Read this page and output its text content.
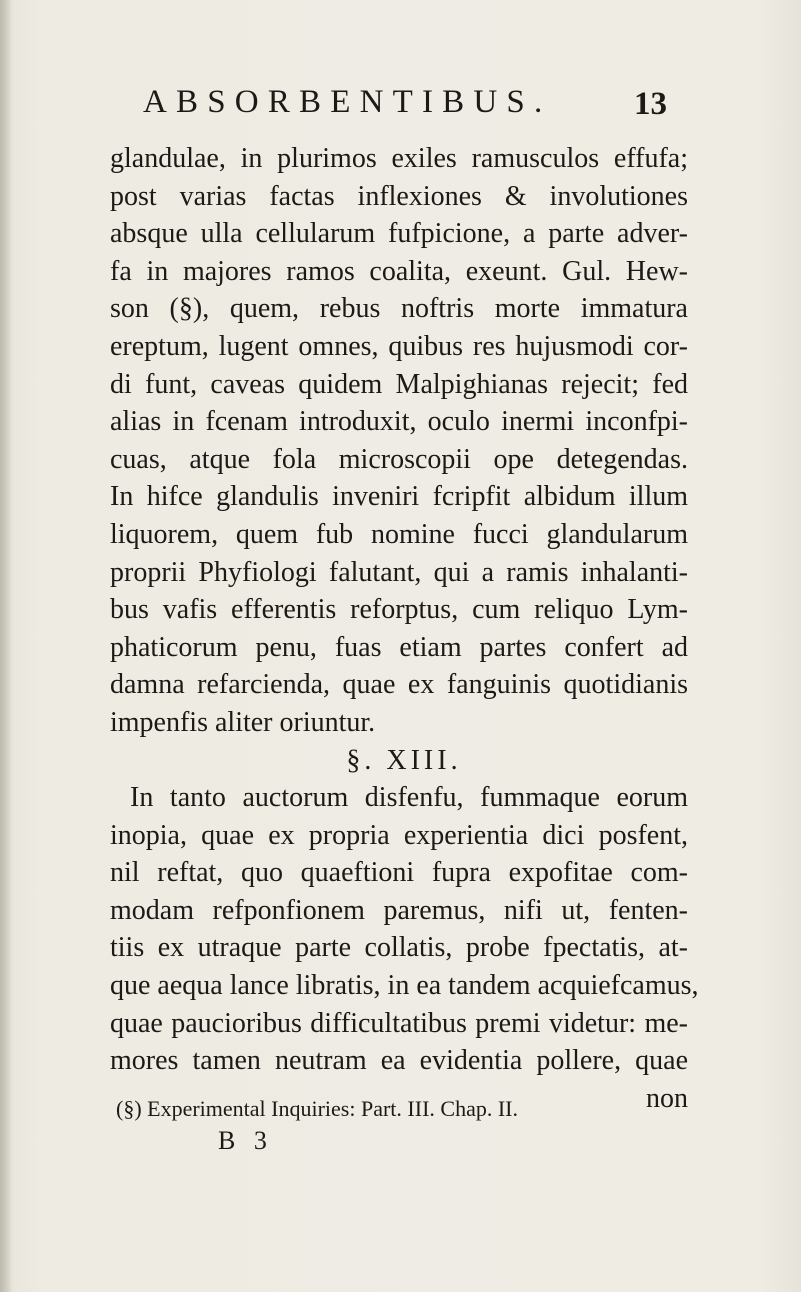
ABSORBENTIBUS.	13
glandulae, in plurimos exiles ramusculos effufa;
post varias factas inflexiones & involutiones
absque ulla cellularum fufpicione, a parte adver-
fa in majores ramos coalita, exeunt. Gul. Hew-
son (§), quem, rebus noftris morte immatura
ereptum, lugent omnes, quibus res hujusmodi cor-
di funt, caveas quidem Malpighianas rejecit; fed
alias in fcenam introduxit, oculo inermi inconfpi-
cuas, atque fola microscopii ope detegendas.
In hifce glandulis inveniri fcripfit albidum illum
liquorem, quem fub nomine fucci glandularum
proprii Phyfiologi falutant, qui a ramis inhalanti-
bus vafis efferentis reforptus, cum reliquo Lym-
phaticorum penu, fuas etiam partes confert ad
damna refarcienda, quae ex fanguinis quotidianis
impenfis aliter oriuntur.
§. XIII.
In tanto auctorum disfenfu, fummaque eorum
inopia, quae ex propria experientia dici posfent,
nil reftat, quo quaeftioni fupra expofitae com-
modam refponfionem paremus, nifi ut, fenten-
tiis ex utraque parte collatis, probe fpectatis, at-
que aequa lance libratis, in ea tandem acquiefcamus,
quae paucioribus difficultatibus premi videtur: me-
mores tamen neutram ea evidentia pollere, quae
non
(§) Experimental Inquiries: Part. III. Chap. II.
B 3
